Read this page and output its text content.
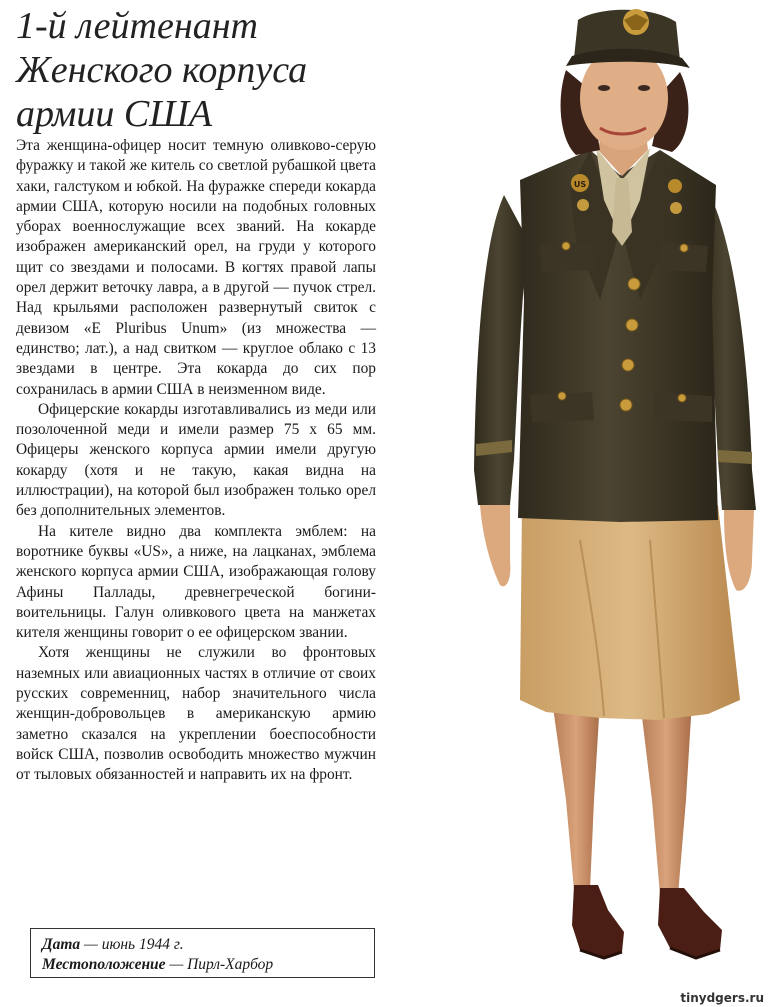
1-й лейтенант
Женского корпуса
армии США

Эта женщина-офицер носит темную оливково-серую фуражку и такой же китель со светлой рубашкой цвета хаки, галстуком и юбкой. На фуражке спереди кокарда армии США, которую носили на подобных головных уборах военнослужащие всех званий. На кокарде изображен американский орел, на груди у которого щит со звездами и полосами. В когтях правой лапы орел держит веточку лавра, а в другой — пучок стрел. Над крыльями расположен развернутый свиток с девизом «E Pluribus Unum» (из множества — единство; лат.), а над свитком — круглое облако с 13 звездами в центре. Эта кокарда до сих пор сохранилась в армии США в неизменном виде.

Офицерские кокарды изготавливались из меди или позолоченной меди и имели размер 75 х 65 мм. Офицеры женского корпуса армии имели другую кокарду (хотя и не такую, какая видна на иллюстрации), на которой был изображен только орел без дополнительных элементов.

На кителе видно два комплекта эмблем: на воротнике буквы «US», а ниже, на лацканах, эмблема женского корпуса армии США, изображающая голову Афины Паллады, древнегреческой богини-воительницы. Галун оливкового цвета на манжетах кителя женщины говорит о ее офицерском звании.

Хотя женщины не служили во фронтовых наземных или авиационных частях в отличие от своих русских современниц, набор значительного числа женщин-добровольцев в американскую армию заметно сказался на укреплении боеспособности войск США, позволив освободить множество мужчин от тыловых обязанностей и направить их на фронт.

Дата — июнь 1944 г.
Местоположение — Пирл-Харбор
US
tinydgers.ru
